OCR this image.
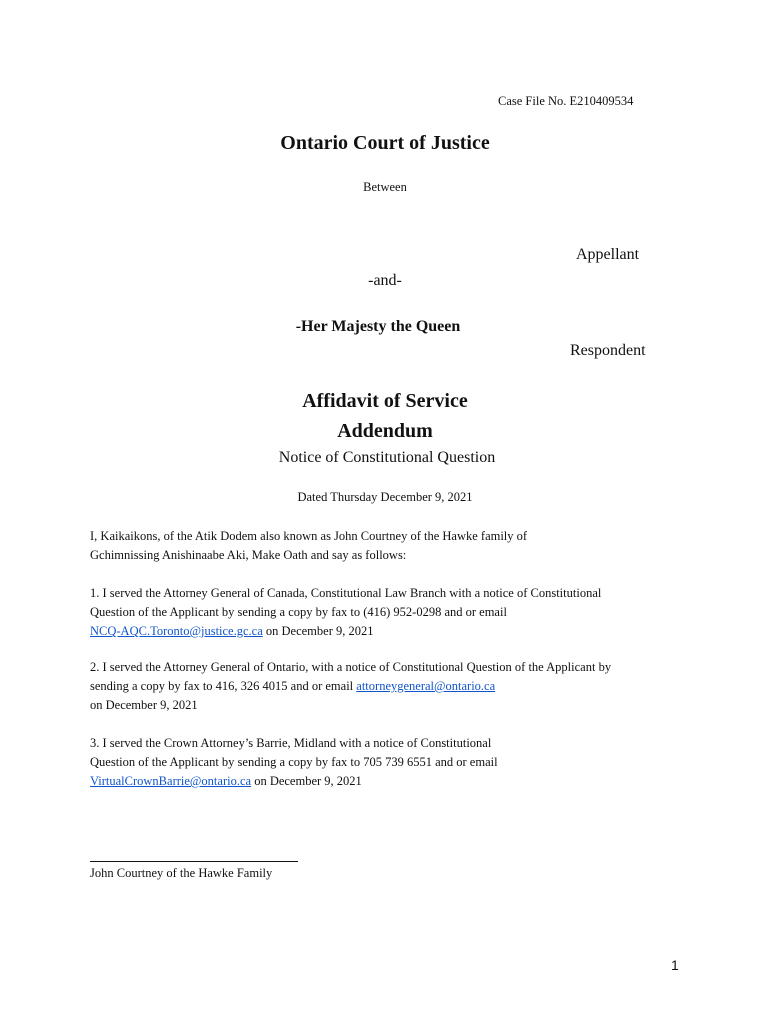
Case File No. E210409534
Ontario Court of Justice
Between
Appellant
-and-
-Her Majesty the Queen
Respondent
Affidavit of Service
Addendum
Notice of Constitutional Question
Dated Thursday December 9, 2021
I, Kaikaikons, of the Atik Dodem also known as John Courtney of the Hawke family of
Gchimnissing Anishinaabe Aki, Make Oath and say as follows:
1. I served the Attorney General of Canada, Constitutional Law Branch with a notice of Constitutional
Question of the Applicant by sending a copy by fax to (416) 952-0298 and or email
NCQ-AQC.Toronto@justice.gc.ca on December 9, 2021
2. I served the Attorney General of Ontario, with a notice of Constitutional Question of the Applicant by
sending a copy by fax to 416, 326 4015 and or email attorneygeneral@ontario.ca
on December 9, 2021
3. I served the Crown Attorney’s Barrie, Midland with a notice of Constitutional
Question of the Applicant by sending a copy by fax to 705 739 6551 and or email
VirtualCrownBarrie@ontario.ca on December 9, 2021
John Courtney of the Hawke Family
1
